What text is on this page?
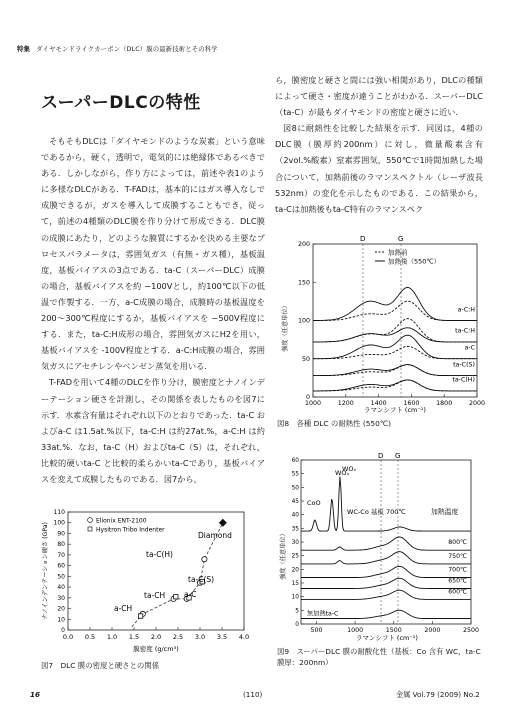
特集 ダイヤモンドライクカーボン（DLC）膜の最新技術とその科学
スーパーDLCの特性

そもそもDLCは「ダイヤモンドのような炭素」という意味であるから，硬く，透明で，電気的には絶縁体であるべきである．しかしながら，作り方によっては，前述や表1のように多様なDLCがある．T-FADは，基本的にはガス導入なしで成膜できるが，ガスを導入して成膜することもでき，従って，前述の4種類のDLC膜を作り分けて形成できる．DLC膜の成膜にあたり，どのような膜質にするかを決める主要なプロセスパラメータは，雰囲気ガス（有無・ガス種），基板温度，基板バイアスの3点である．ta-C（スーパーDLC）成膜の場合，基板バイアスを約 −100Vとし，約100℃以下の低温で作製する．一方，a-C成膜の場合，成膜時の基板温度を200～300℃程度にするか，基板バイアスを −500V程度にする．また，ta-C:H成形の場合，雰囲気ガスにH2を用い，基板バイアスを -100V程度とする．a-C:H成膜の場合，雰囲気ガスにアセチレンやベンゼン蒸気を用いる．

T-FADを用いて4種のDLCを作り分け，膜密度とナノインデーテーション硬さを計測し，その関係を表したものを図7に示す．水素含有量はそれぞれ以下のとおりであった．ta-C およびa-C は1.5at.%以下，ta-C:H は約27at.%，a-C:H は約33at.%．なお，ta-C（H）およびta-C（S）は，それぞれ，比較的硬いta-C と比較的柔らかいta-Cであり，基板バイアスを変えて成膜したものである．図7から，

ら，膜密度と硬さと間には強い相関があり，DLCの種類によって硬さ・密度が違うことがわかる．スーパーDLC（ta-C）が最もダイヤモンドの密度と硬さに近い．

図8に耐熱性を比較した結果を示す．同図は，4種のDLC膜（膜厚約200nm）に対し，微量酸素含有（2vol.%酸素）窒素雰囲気，550℃で1時間加熱した場合について，加熱前後のラマンスペクトル（レーザ波長532nm）の変化を示したものである．この結果から，ta-Cは加熱後もta-C特有のラマンスペク

0
10
20
30
40
50
60
70
80
90
100
110
0.0 0.5 1.0 1.5 2.0 2.5 3.0 3.5 4.0
Elionix ENT-2100
Hysitron Tribo Indenter
Diamond
ta-C(H)
ta-C(S)
ta-CH	a-C
a-CH
膜密度 (g/cm³)
ナノインデンテーション硬さ (GPa)
図7　DLC 膜の密度と硬さとの関係
0
50
100
150
200
1000	1200	1400	1600	1800	2000
D	G
a-C:H
ta-C:H
a-C
ta-C(S)
ta-C(H)
加熱前
加熱後（550℃）
強度（任意単位）
ラマンシフト (cm⁻¹)
図8　各種 DLC の耐熱性 (550℃)
0
5
10
15
20
25
30
35
40
45
50
55
60
500	1000	1500	2000	2500
D G
800℃
750℃
700℃
650℃
600℃
無加熱ta-C
WOₓ
WOₓ
CoO
WC-Co 基板 700℃	加熱温度
強度（任意単位）
ラマンシフト (cm⁻¹)
図9　スーパーDLC 膜の耐酸化性（基板：Co 含有 WC，ta-C 膜厚：200nm）
16	(110)	金属 Vol.79 (2009) No.2
